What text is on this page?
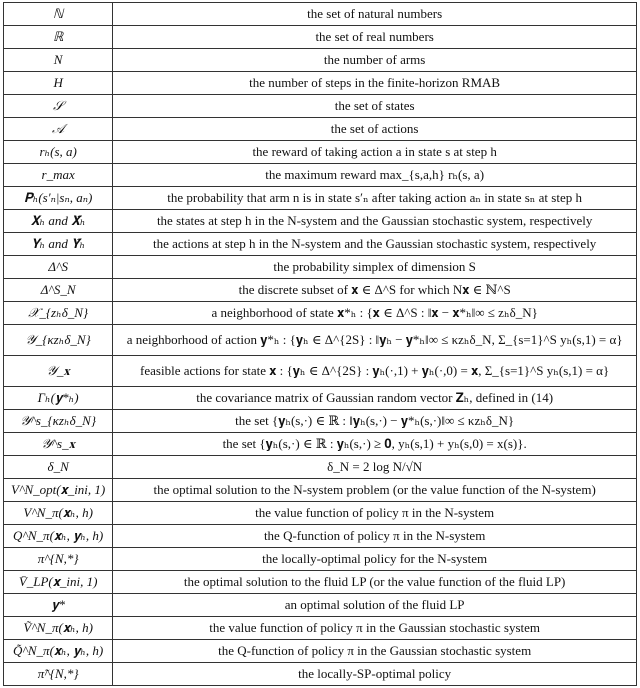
ℕ	the set of natural numbers
ℝ	the set of real numbers
N	the number of arms
H	the number of steps in the finite-horizon RMAB
𝒮	the set of states
𝒜	the set of actions
rₕ(s, a)	the reward of taking action a in state s at step h
r_max	the maximum reward max_{s,a,h} rₕ(s, a)
𝐏ₕ(s′ₙ|sₙ, aₙ)	the probability that arm n is in state s′ₙ after taking action aₙ in state sₙ at step h
𝐗ₕ and 𝐗̃ₕ	the states at step h in the N-system and the Gaussian stochastic system, respectively
𝐘ₕ and 𝐘̃ₕ	the actions at step h in the N-system and the Gaussian stochastic system, respectively
Δ^S	the probability simplex of dimension S
Δ^S_N	the discrete subset of 𝐱 ∈ Δ^S for which N𝐱 ∈ ℕ^S
𝒳_{zₕδ_N}	a neighborhood of state 𝐱*ₕ : {𝐱 ∈ Δ^S : ‖𝐱 − 𝐱*ₕ‖∞ ≤ zₕδ_N}
𝒴_{κzₕδ_N}	a neighborhood of action 𝐲*ₕ : {𝐲ₕ ∈ Δ^{2S} : ‖𝐲ₕ − 𝐲*ₕ‖∞ ≤ κzₕδ_N, Σ_{s=1}^S yₕ(s,1) = α}
𝒴_𝐱	feasible actions for state 𝐱 : {𝐲ₕ ∈ Δ^{2S} : 𝐲ₕ(·,1) + 𝐲ₕ(·,0) = 𝐱, Σ_{s=1}^S yₕ(s,1) = α}
Γₕ(𝐲*ₕ)	the covariance matrix of Gaussian random vector 𝐙ₕ, defined in (14)
𝒴^s_{κzₕδ_N}	the set {𝐲ₕ(s,·) ∈ ℝ : ‖𝐲ₕ(s,·) − 𝐲*ₕ(s,·)‖∞ ≤ κzₕδ_N}
𝒴^s_𝐱	the set {𝐲ₕ(s,·) ∈ ℝ : 𝐲ₕ(s,·) ≥ 𝟎, yₕ(s,1) + yₕ(s,0) = x(s)}.
δ_N	δ_N = 2 log N/√N
V^N_opt(𝐱_ini, 1)	the optimal solution to the N-system problem (or the value function of the N-system)
V^N_π(𝐱ₕ, h)	the value function of policy π in the N-system
Q^N_π(𝐱ₕ, 𝐲ₕ, h)	the Q-function of policy π in the N-system
π^{N,*}	the locally-optimal policy for the N-system
V̄_LP(𝐱_ini, 1)	the optimal solution to the fluid LP (or the value function of the fluid LP)
𝐲*	an optimal solution of the fluid LP
Ṽ^N_π(𝐱ₕ, h)	the value function of policy π in the Gaussian stochastic system
Q̃^N_π(𝐱ₕ, 𝐲ₕ, h)	the Q-function of policy π in the Gaussian stochastic system
π̃^{N,*}	the locally-SP-optimal policy
